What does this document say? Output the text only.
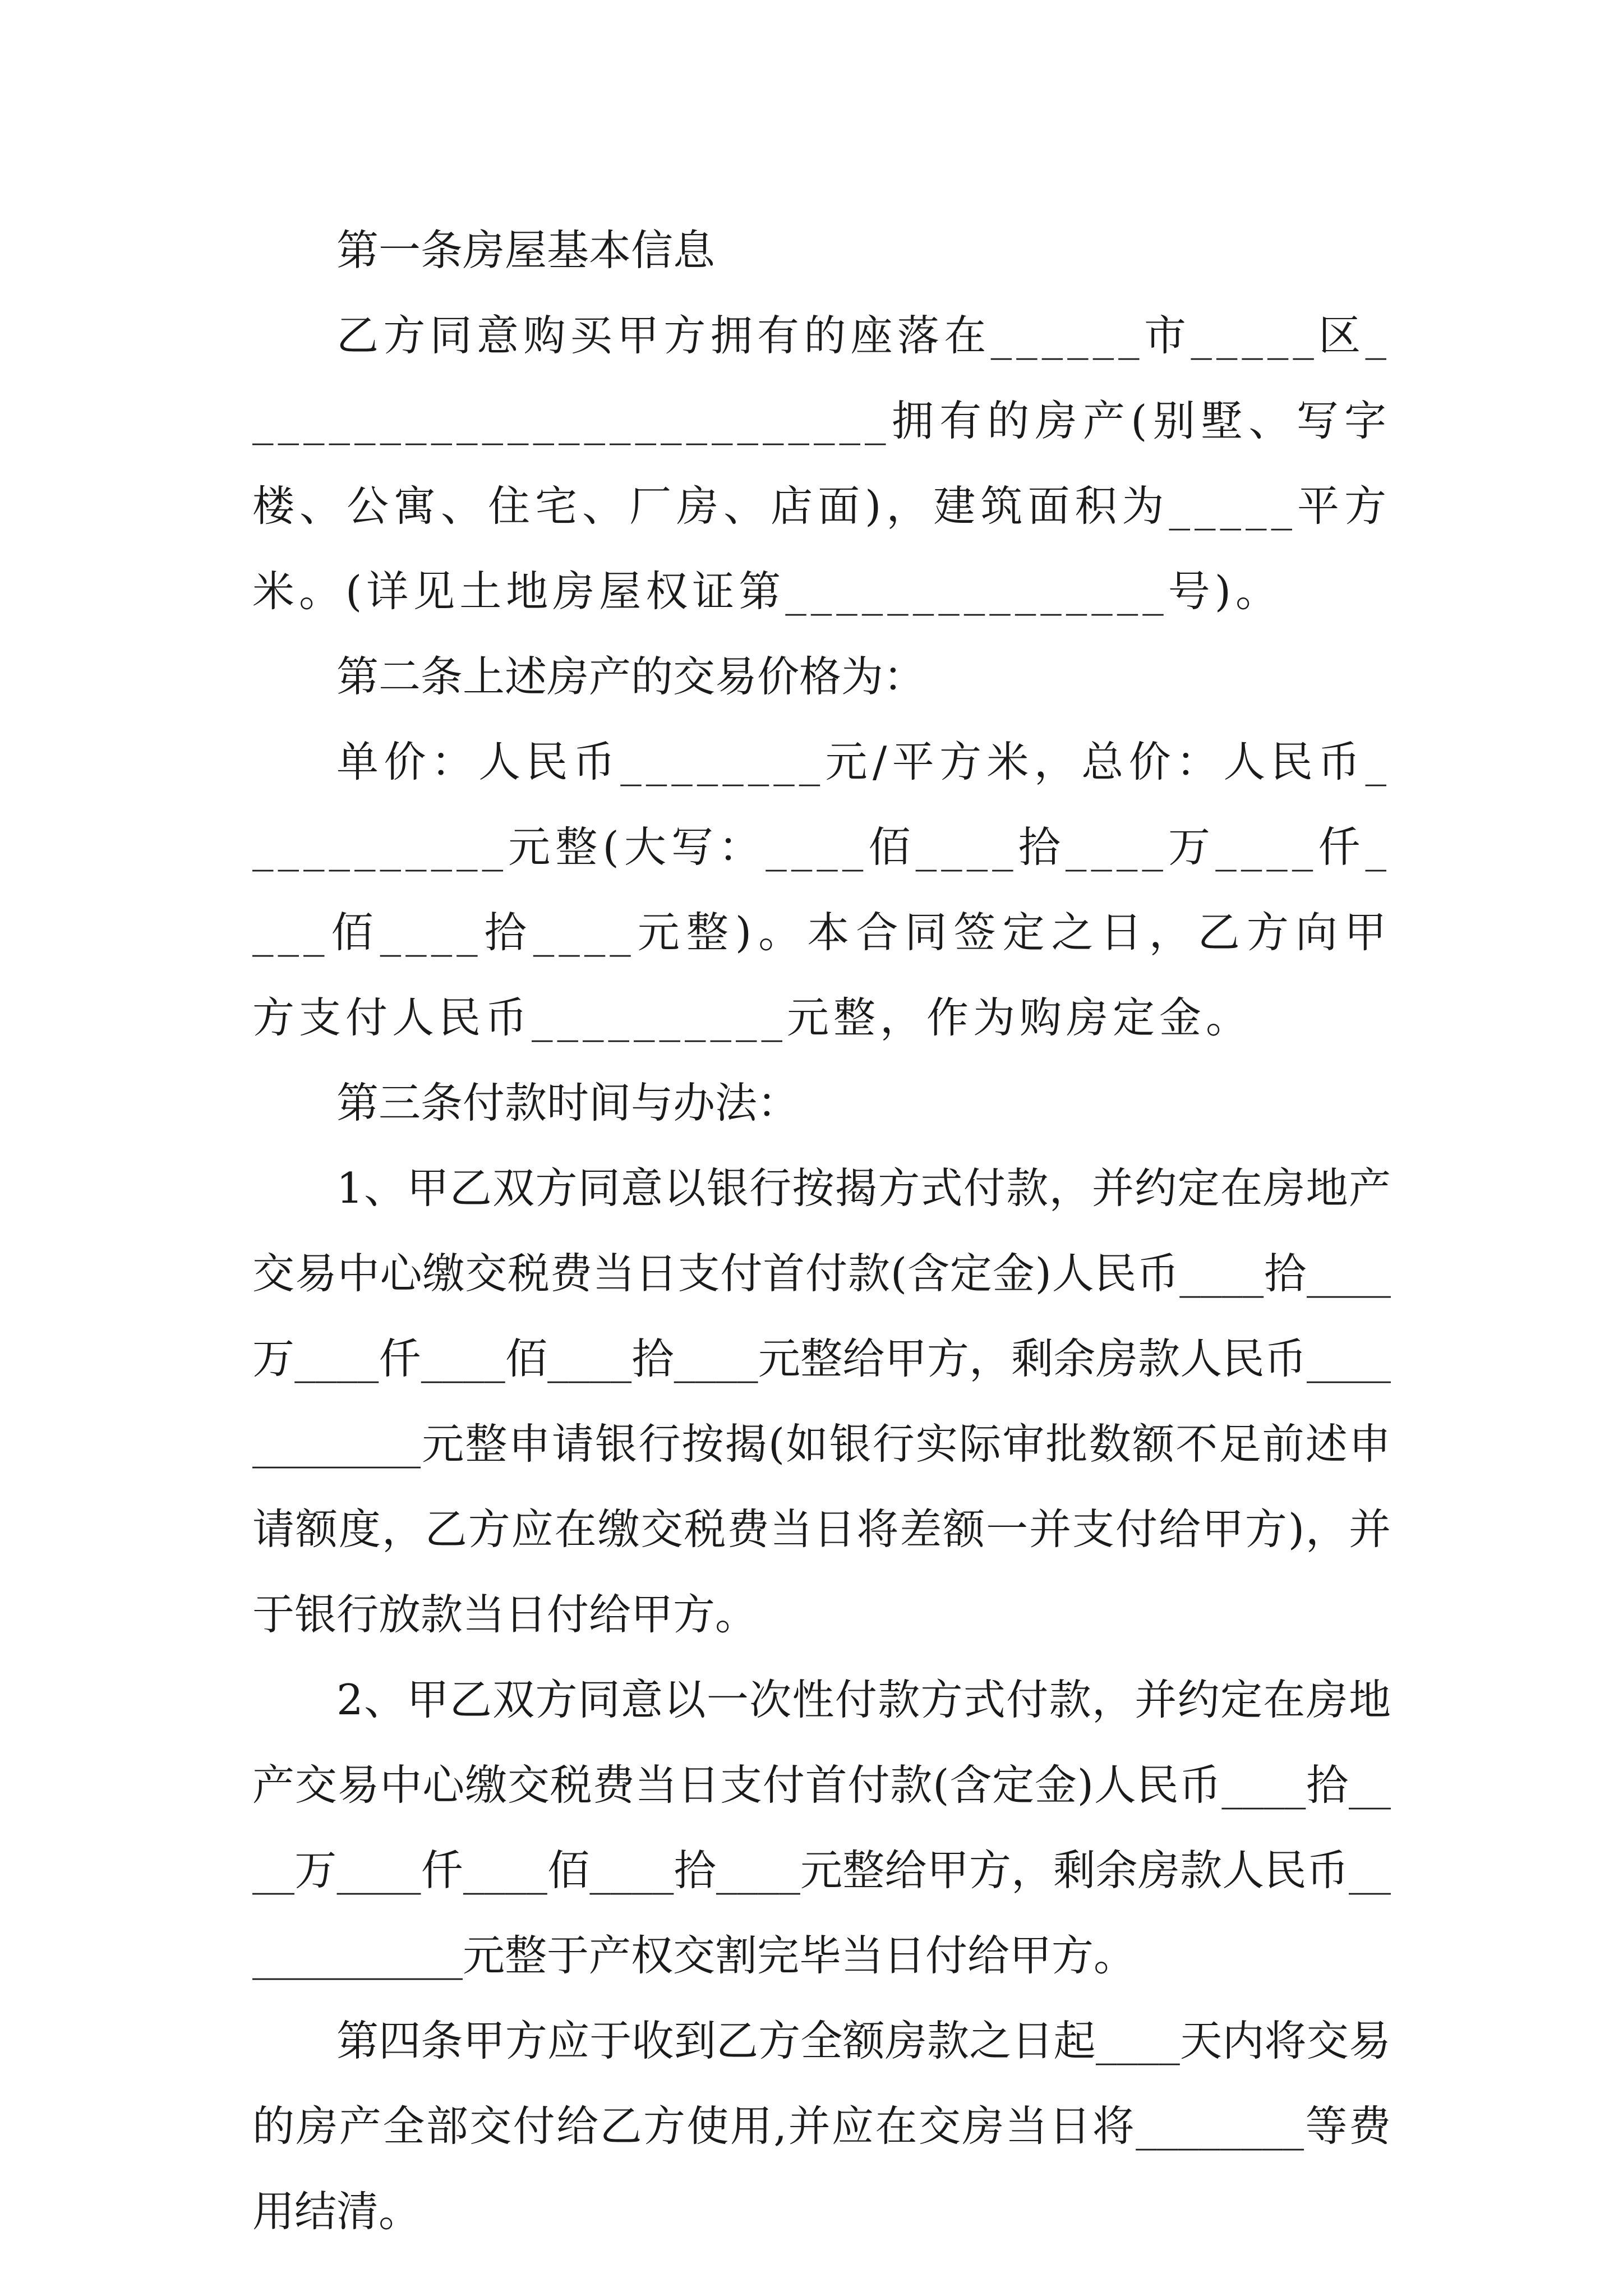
第一条房屋基本信息

乙方同意购买甲方拥有的座落在______市_____区__________________________拥有的房产(别墅、写字楼、公寓、住宅、厂房、店面)，建筑面积为_____平方米。(详见土地房屋权证第_______________号)。

第二条上述房产的交易价格为：

单价：人民币________元/平方米，总价：人民币___________元整(大写：____佰____拾____万____仟____佰____拾____元整)。本合同签定之日，乙方向甲方支付人民币__________元整，作为购房定金。

第三条付款时间与办法：

1、甲乙双方同意以银行按揭方式付款，并约定在房地产交易中心缴交税费当日支付首付款(含定金)人民币____拾____万____仟____佰____拾____元整给甲方，剩余房款人民币____________元整申请银行按揭(如银行实际审批数额不足前述申请额度，乙方应在缴交税费当日将差额一并支付给甲方)，并于银行放款当日付给甲方。

2、甲乙双方同意以一次性付款方式付款，并约定在房地产交易中心缴交税费当日支付首付款(含定金)人民币____拾____万____仟____佰____拾____元整给甲方，剩余房款人民币____________元整于产权交割完毕当日付给甲方。

第四条甲方应于收到乙方全额房款之日起____天内将交易的房产全部交付给乙方使用,并应在交房当日将________等费用结清。
